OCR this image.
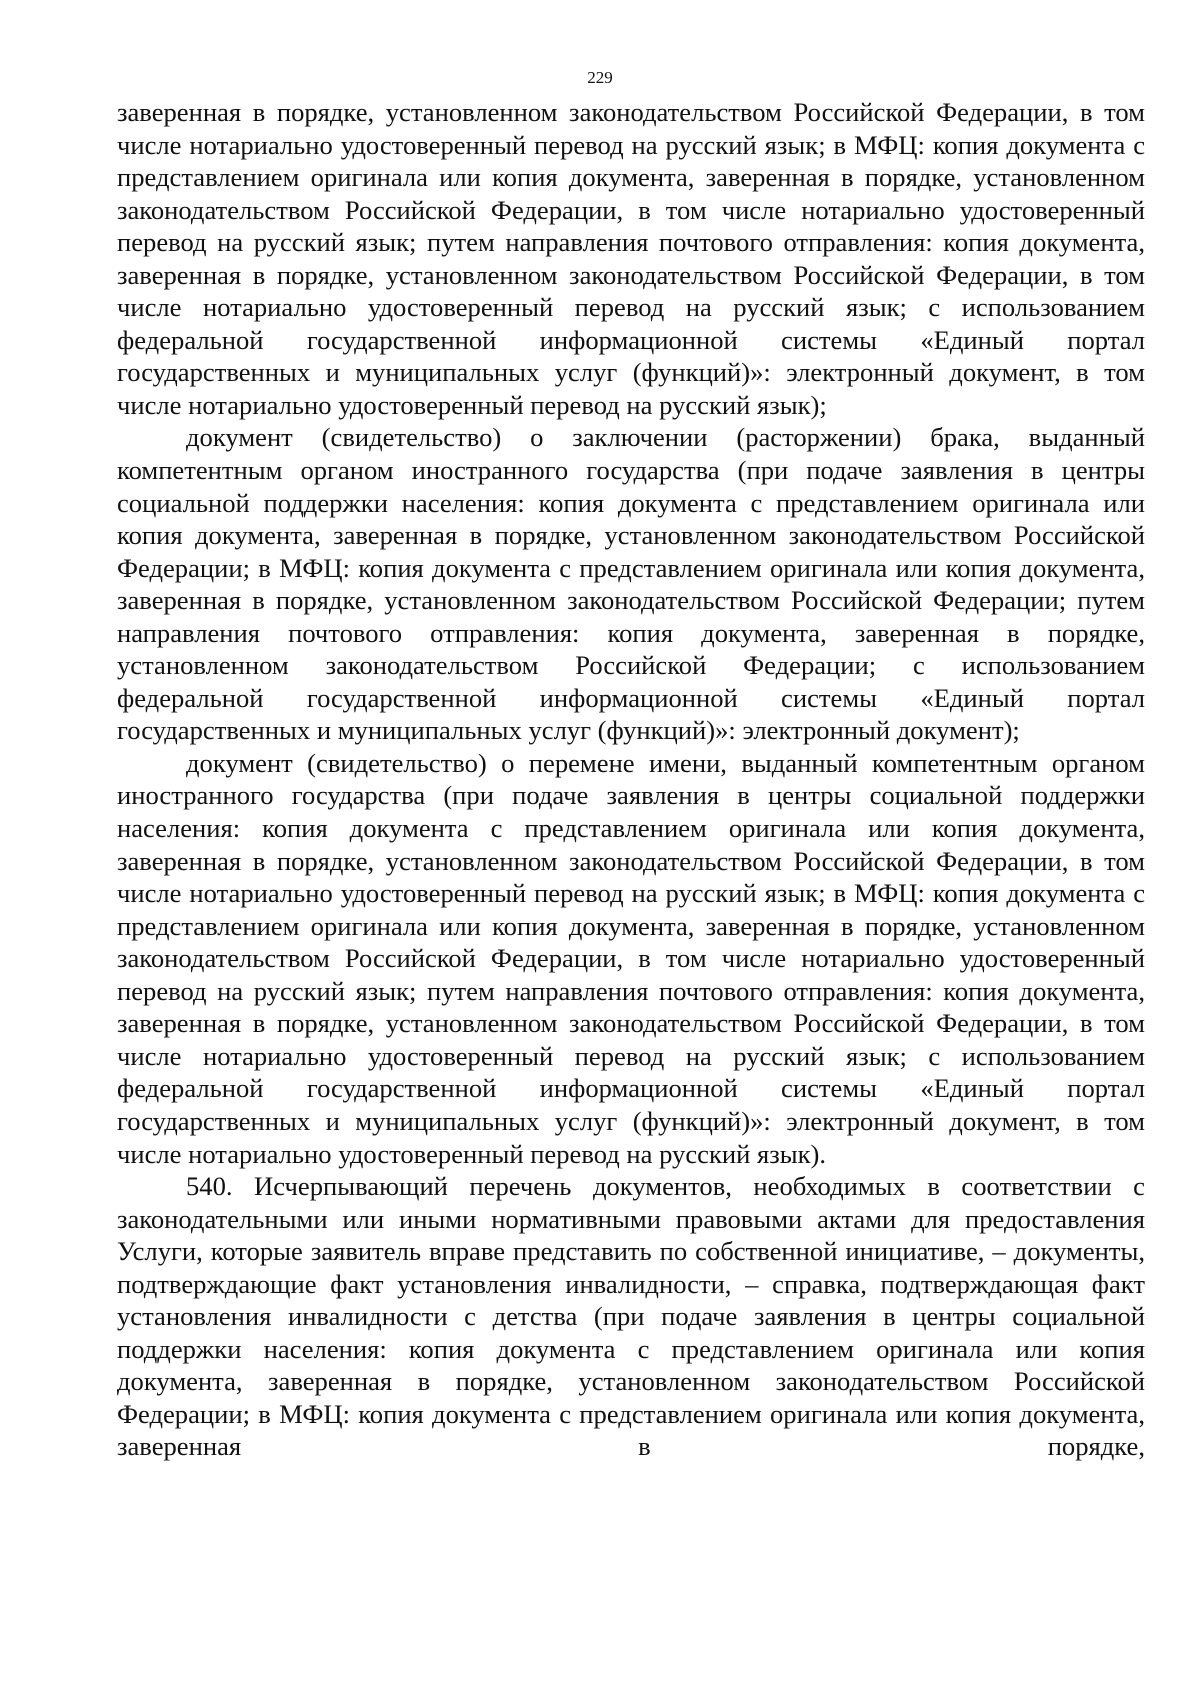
229

заверенная в порядке, установленном законодательством Российской Федерации, в том числе нотариально удостоверенный перевод на русский язык; в МФЦ: копия документа с представлением оригинала или копия документа, заверенная в порядке, установленном законодательством Российской Федерации, в том числе нотариально удостоверенный перевод на русский язык; путем направления почтового отправления: копия документа, заверенная в порядке, установленном законодательством Российской Федерации, в том числе нотариально удостоверенный перевод на русский язык; с использованием федеральной государственной информационной системы «Единый портал государственных и муниципальных услуг (функций)»: электронный документ, в том числе нотариально удостоверенный перевод на русский язык);

документ (свидетельство) о заключении (расторжении) брака, выданный компетентным органом иностранного государства (при подаче заявления в центры социальной поддержки населения: копия документа с представлением оригинала или копия документа, заверенная в порядке, установленном законодательством Российской Федерации; в МФЦ: копия документа с представлением оригинала или копия документа, заверенная в порядке, установленном законодательством Российской Федерации; путем направления почтового отправления: копия документа, заверенная в порядке, установленном законодательством Российской Федерации; с использованием федеральной государственной информационной системы «Единый портал государственных и муниципальных услуг (функций)»: электронный документ);

документ (свидетельство) о перемене имени, выданный компетентным органом иностранного государства (при подаче заявления в центры социальной поддержки населения: копия документа с представлением оригинала или копия документа, заверенная в порядке, установленном законодательством Российской Федерации, в том числе нотариально удостоверенный перевод на русский язык; в МФЦ: копия документа с представлением оригинала или копия документа, заверенная в порядке, установленном законодательством Российской Федерации, в том числе нотариально удостоверенный перевод на русский язык; путем направления почтового отправления: копия документа, заверенная в порядке, установленном законодательством Российской Федерации, в том числе нотариально удостоверенный перевод на русский язык; с использованием федеральной государственной информационной системы «Единый портал государственных и муниципальных услуг (функций)»: электронный документ, в том числе нотариально удостоверенный перевод на русский язык).

540. Исчерпывающий перечень документов, необходимых в соответствии с законодательными или иными нормативными правовыми актами для предоставления Услуги, которые заявитель вправе представить по собственной инициативе, – документы, подтверждающие факт установления инвалидности, – справка, подтверждающая факт установления инвалидности с детства (при подаче заявления в центры социальной поддержки населения: копия документа с представлением оригинала или копия документа, заверенная в порядке, установленном законодательством Российской Федерации; в МФЦ: копия документа с представлением оригинала или копия документа, заверенная в порядке,
